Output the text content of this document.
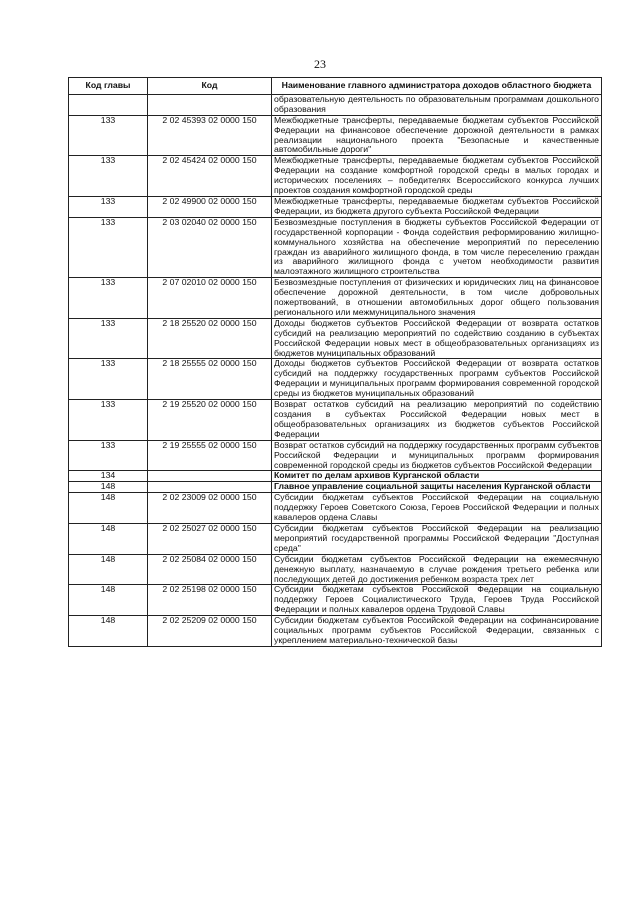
23
Код главы	Код	Наименование главного администратора доходов областного бюджета
		образовательную деятельность по образовательным программам дошкольного образования
133	2 02 45393 02 0000 150	Межбюджетные трансферты, передаваемые бюджетам субъектов Российской Федерации на финансовое обеспечение дорожной деятельности в рамках реализации национального проекта "Безопасные и качественные автомобильные дороги"
133	2 02 45424 02 0000 150	Межбюджетные трансферты, передаваемые бюджетам субъектов Российской Федерации на создание комфортной городской среды в малых городах и исторических поселениях – победителях Всероссийского конкурса лучших проектов создания комфортной городской среды
133	2 02 49900 02 0000 150	Межбюджетные трансферты, передаваемые бюджетам субъектов Российской Федерации, из бюджета другого субъекта Российской Федерации
133	2 03 02040 02 0000 150	Безвозмездные поступления в бюджеты субъектов Российской Федерации от государственной корпорации - Фонда содействия реформированию жилищно-коммунального хозяйства на обеспечение мероприятий по переселению граждан из аварийного жилищного фонда, в том числе переселению граждан из аварийного жилищного фонда с учетом необходимости развития малоэтажного жилищного строительства
133	2 07 02010 02 0000 150	Безвозмездные поступления от физических и юридических лиц на финансовое обеспечение дорожной деятельности, в том числе добровольных пожертвований, в отношении автомобильных дорог общего пользования регионального или межмуниципального значения
133	2 18 25520 02 0000 150	Доходы бюджетов субъектов Российской Федерации от возврата остатков субсидий на реализацию мероприятий по содействию созданию в субъектах Российской Федерации новых мест в общеобразовательных организациях из бюджетов муниципальных образований
133	2 18 25555 02 0000 150	Доходы бюджетов субъектов Российской Федерации от возврата остатков субсидий на поддержку государственных программ субъектов Российской Федерации и муниципальных программ формирования современной городской среды из бюджетов муниципальных образований
133	2 19 25520 02 0000 150	Возврат остатков субсидий на реализацию мероприятий по содействию создания в субъектах Российской Федерации новых мест в общеобразовательных организациях из бюджетов субъектов Российской Федерации
133	2 19 25555 02 0000 150	Возврат остатков субсидий на поддержку государственных программ субъектов Российской Федерации и муниципальных программ формирования современной городской среды из бюджетов субъектов Российской Федерации
134		Комитет по делам архивов Курганской области
148		Главное управление социальной защиты населения Курганской области
148	2 02 23009 02 0000 150	Субсидии бюджетам субъектов Российской Федерации на социальную поддержку Героев Советского Союза, Героев Российской Федерации и полных кавалеров ордена Славы
148	2 02 25027 02 0000 150	Субсидии бюджетам субъектов Российской Федерации на реализацию мероприятий государственной программы Российской Федерации "Доступная среда"
148	2 02 25084 02 0000 150	Субсидии бюджетам субъектов Российской Федерации на ежемесячную денежную выплату, назначаемую в случае рождения третьего ребенка или последующих детей до достижения ребенком возраста трех лет
148	2 02 25198 02 0000 150	Субсидии бюджетам субъектов Российской Федерации на социальную поддержку Героев Социалистического Труда, Героев Труда Российской Федерации и полных кавалеров ордена Трудовой Славы
148	2 02 25209 02 0000 150	Субсидии бюджетам субъектов Российской Федерации на софинансирование социальных программ субъектов Российской Федерации, связанных с укреплением материально-технической базы
